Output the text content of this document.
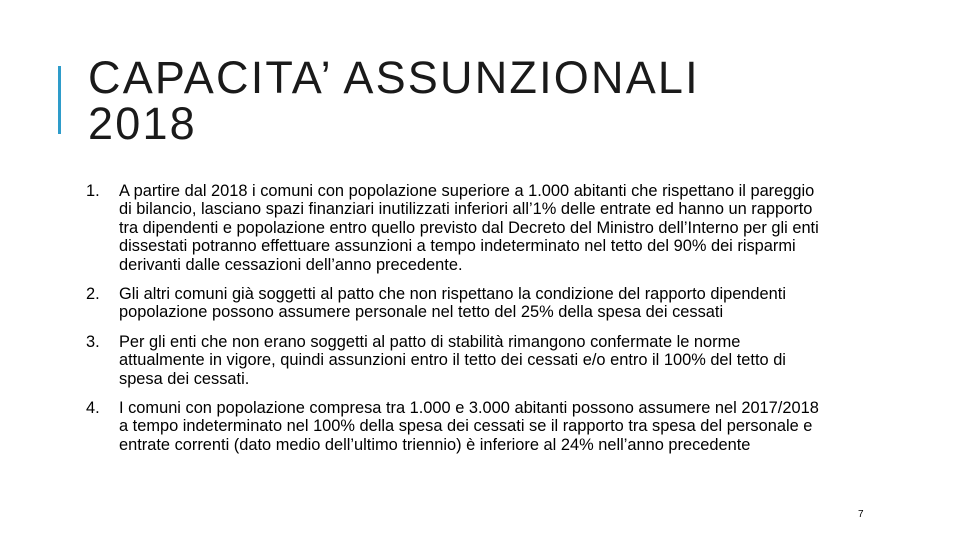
CAPACITA’ ASSUNZIONALI
2018
1. A partire dal 2018 i comuni con popolazione superiore a 1.000 abitanti che rispettano il pareggio di bilancio, lasciano spazi finanziari inutilizzati inferiori all’1% delle entrate ed hanno un rapporto tra dipendenti e popolazione entro quello previsto dal Decreto del Ministro dell’Interno per gli enti dissestati potranno effettuare assunzioni a tempo indeterminato nel tetto del 90% dei risparmi derivanti dalle cessazioni dell’anno precedente.
2. Gli altri comuni già soggetti al patto che non rispettano la condizione del rapporto dipendenti popolazione possono assumere personale nel tetto del 25% della spesa dei cessati
3. Per gli enti che non erano soggetti al patto di stabilità rimangono confermate le norme attualmente in vigore, quindi assunzioni entro il tetto dei cessati e/o entro il 100% del tetto di spesa dei cessati.
4. I comuni con popolazione compresa tra 1.000 e 3.000 abitanti possono assumere nel 2017/2018 a tempo indeterminato nel 100% della spesa dei cessati se il rapporto tra spesa del personale e entrate correnti (dato medio dell’ultimo triennio) è inferiore al 24% nell’anno precedente
7
